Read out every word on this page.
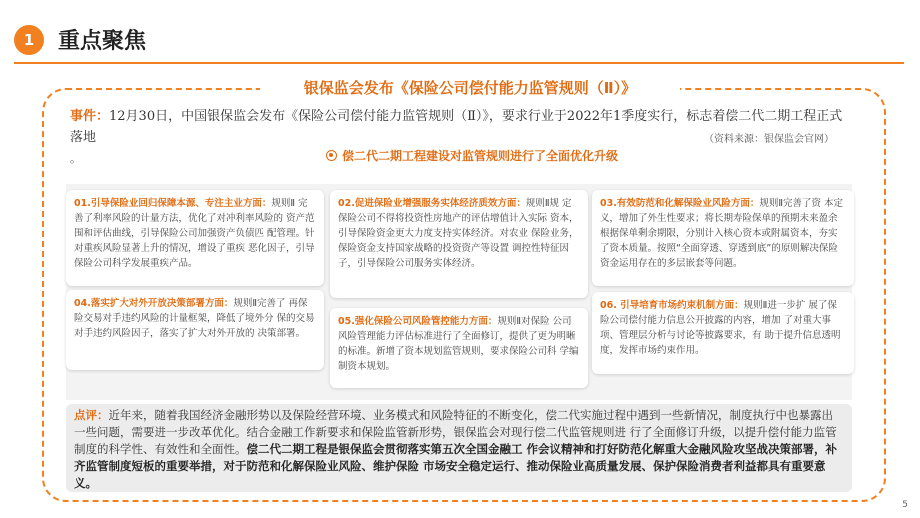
1	重点聚焦
银保监会发布《保险公司偿付能力监管规则（Ⅱ）》
事件：12月30日，中国银保监会发布《保险公司偿付能力监管规则（Ⅱ）》，要求行业于2022年1季度实行，标志着偿二代二期工程正式落地	（资料来源：银保监会官网）
。	偿二代二期工程建设对监管规则进行了全面优化升级
01.引导保险业回归保障本源、专注主业方面：规则Ⅱ 完善了利率风险的计量方法，优化了对冲利率风险的 资产范围和评估曲线，引导保险公司加强资产负债匹 配管理。针对重疾风险显著上升的情况，增设了重疾 恶化因子，引导保险公司科学发展重疾产品。
02.促进保险业增强服务实体经济质效方面：规则Ⅱ规 定保险公司不得将投资性房地产的评估增值计入实际 资本，引导保险资金更大力度支持实体经济。对农业 保险业务，保险资金支持国家战略的投资资产等设置 调控性特征因子，引导保险公司服务实体经济。
03.有效防范和化解保险业风险方面：规则Ⅱ完善了资 本定义，增加了外生性要求；将长期寿险保单的预期未来盈余根据保单剩余期限，分别计入核心资本或附属资本，夯实了资本质量。按照“全面穿透、穿透到底”的原则解决保险资金运用存在的多层嵌套等问题。
04.落实扩大对外开放决策部署方面：规则Ⅱ完善了 再保险交易对手违约风险的计量框架，降低了境外分 保的交易对手违约风险因子，落实了扩大对外开放的 决策部署。
05.强化保险公司风险管控能力方面：规则Ⅱ对保险 公司风险管理能力评估标准进行了全面修订，提供了更为明晰 的标准。新增了资本规划监管规则，要求保险公司科 学编制资本规划。
06. 引导培育市场约束机制方面：规则Ⅱ进一步扩 展了保险公司偿付能力信息公开披露的内容，增加 了对重大事项、管理层分析与讨论等披露要求，有 助于提升信息透明度，发挥市场约束作用。
点评：近年来，随着我国经济金融形势以及保险经营环境、业务模式和风险特征的不断变化，偿二代实施过程中遇到一些新情况，制度执行中也暴露出一些问题，需要进一步改革优化。结合金融工作新要求和保险监管新形势，银保监会对现行偿二代监管规则进 行了全面修订升级，以提升偿付能力监管制度的科学性、有效性和全面性。偿二代二期工程是银保监会贯彻落实第五次全国金融工 作会议精神和打好防范化解重大金融风险攻坚战决策部署，补齐监管制度短板的重要举措，对于防范和化解保险业风险、维护保险 市场安全稳定运行、推动保险业高质量发展、保护保险消费者利益都具有重要意义。
5
